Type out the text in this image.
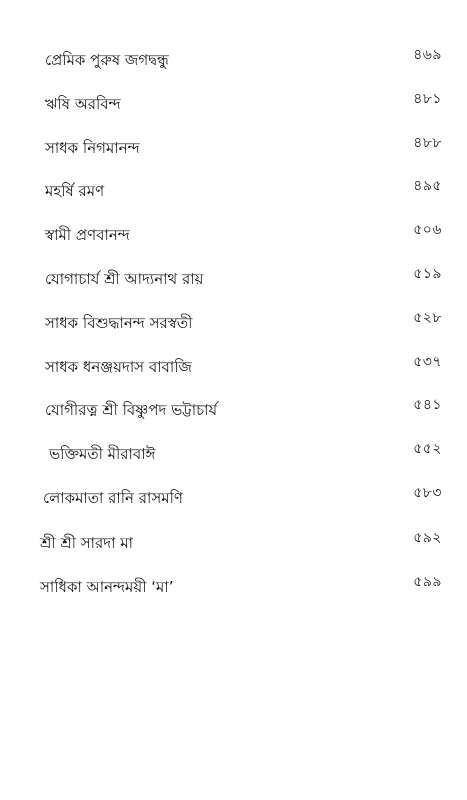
প্রেমিক পুরুষ জগদ্বন্ধু	৪৬৯
ঋষি অরবিন্দ	৪৮১
সাধক নিগমানন্দ	৪৮৮
মহর্ষি রমণ	৪৯৫
স্বামী প্রণবানন্দ	৫০৬
যোগাচার্য শ্রী আদ্যনাথ রায়	৫১৯
সাধক বিশুদ্ধানন্দ সরস্বতী	৫২৮
সাধক ধনঞ্জয়দাস বাবাজি	৫৩৭
যোগীরত্ন শ্রী বিষ্ণুপদ ভট্টাচার্য	৫৪১
ভক্তিমতী মীরাবাঈ	৫৫২
লোকমাতা রানি রাসমণি	৫৮৩
শ্রী শ্রী সারদা মা	৫৯২
সাধিকা আনন্দময়ী ‘মা’	৫৯৯
